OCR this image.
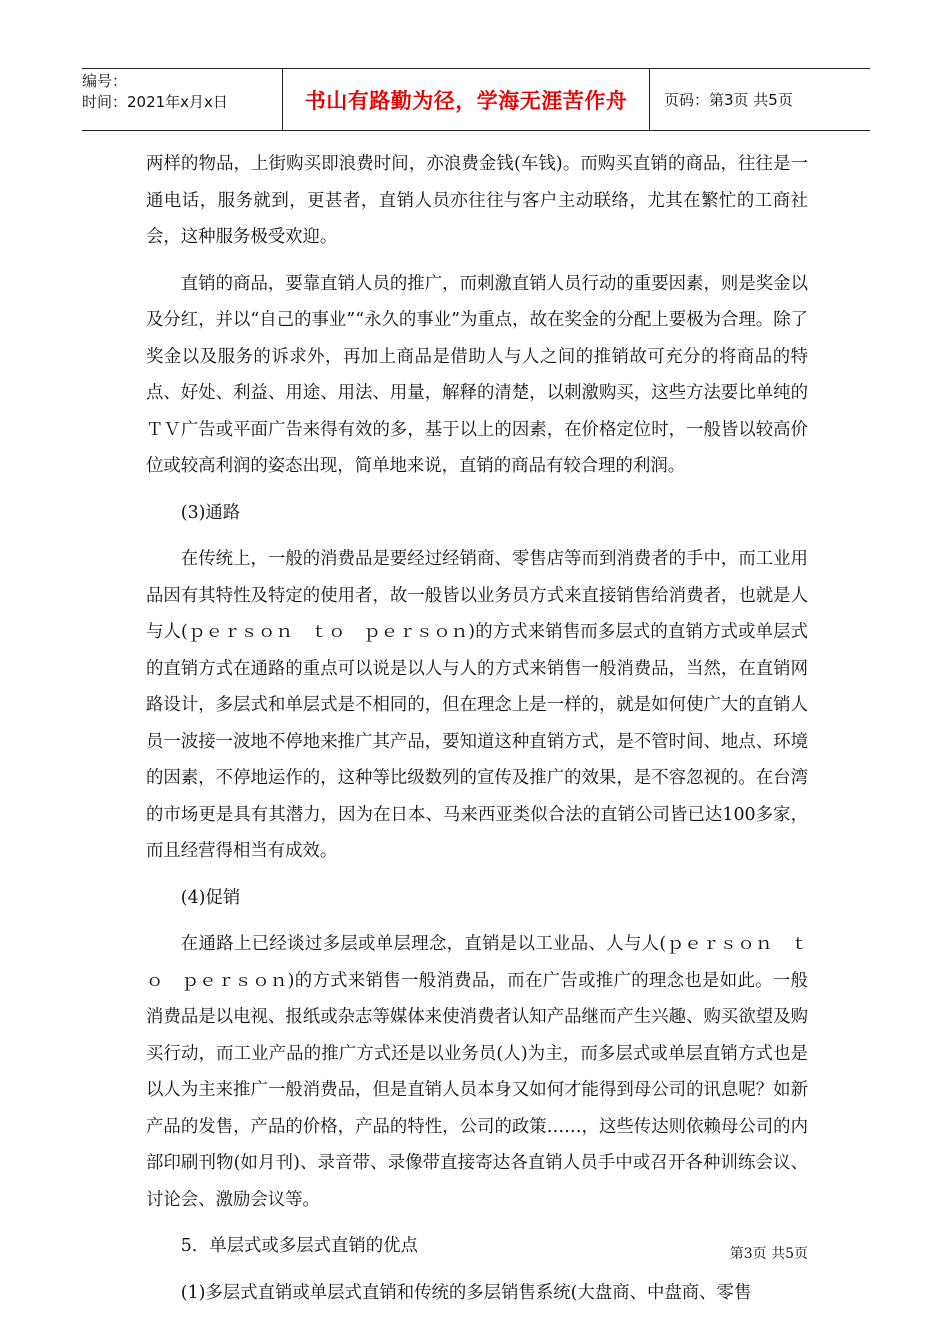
编号：
时间：2021年x月x日	书山有路勤为径，学海无涯苦作舟	页码：第3页 共5页

两样的物品，上街购买即浪费时间，亦浪费金钱(车钱)。而购买直销的商品，往往是一通电话，服务就到，更甚者，直销人员亦往往与客户主动联络，尤其在繁忙的工商社会，这种服务极受欢迎。

直销的商品，要靠直销人员的推广，而刺激直销人员行动的重要因素，则是奖金以及分红，并以“自己的事业”“永久的事业”为重点，故在奖金的分配上要极为合理。除了奖金以及服务的诉求外，再加上商品是借助人与人之间的推销故可充分的将商品的特点、好处、利益、用途、用法、用量，解释的清楚，以刺激购买，这些方法要比单纯的ＴＶ广告或平面广告来得有效的多，基于以上的因素，在价格定位时，一般皆以较高价位或较高利润的姿态出现，简单地来说，直销的商品有较合理的利润。

(3)通路

在传统上，一般的消费品是要经过经销商、零售店等而到消费者的手中，而工业用品因有其特性及特定的使用者，故一般皆以业务员方式来直接销售给消费者，也就是人与人(ｐｅｒｓｏｎ　ｔｏ　ｐｅｒｓｏｎ)的方式来销售而多层式的直销方式或单层式的直销方式在通路的重点可以说是以人与人的方式来销售一般消费品，当然，在直销网路设计，多层式和单层式是不相同的，但在理念上是一样的，就是如何使广大的直销人员一波接一波地不停地来推广其产品，要知道这种直销方式，是不管时间、地点、环境的因素，不停地运作的，这种等比级数列的宣传及推广的效果，是不容忽视的。在台湾的市场更是具有其潜力，因为在日本、马来西亚类似合法的直销公司皆已达100多家，而且经营得相当有成效。

(4)促销

在通路上已经谈过多层或单层理念，直销是以工业品、人与人(ｐｅｒｓｏｎ　ｔｏ　ｐｅｒｓｏｎ)的方式来销售一般消费品，而在广告或推广的理念也是如此。一般消费品是以电视、报纸或杂志等媒体来使消费者认知产品继而产生兴趣、购买欲望及购买行动，而工业产品的推广方式还是以业务员(人)为主，而多层式或单层直销方式也是以人为主来推广一般消费品，但是直销人员本身又如何才能得到母公司的讯息呢？如新产品的发售，产品的价格，产品的特性，公司的政策……，这些传达则依赖母公司的内部印刷刊物(如月刊)、录音带、录像带直接寄达各直销人员手中或召开各种训练会议、讨论会、激励会议等。

5．单层式或多层式直销的优点

(1)多层式直销或单层式直销和传统的多层销售系统(大盘商、中盘商、零售

第3页 共5页
